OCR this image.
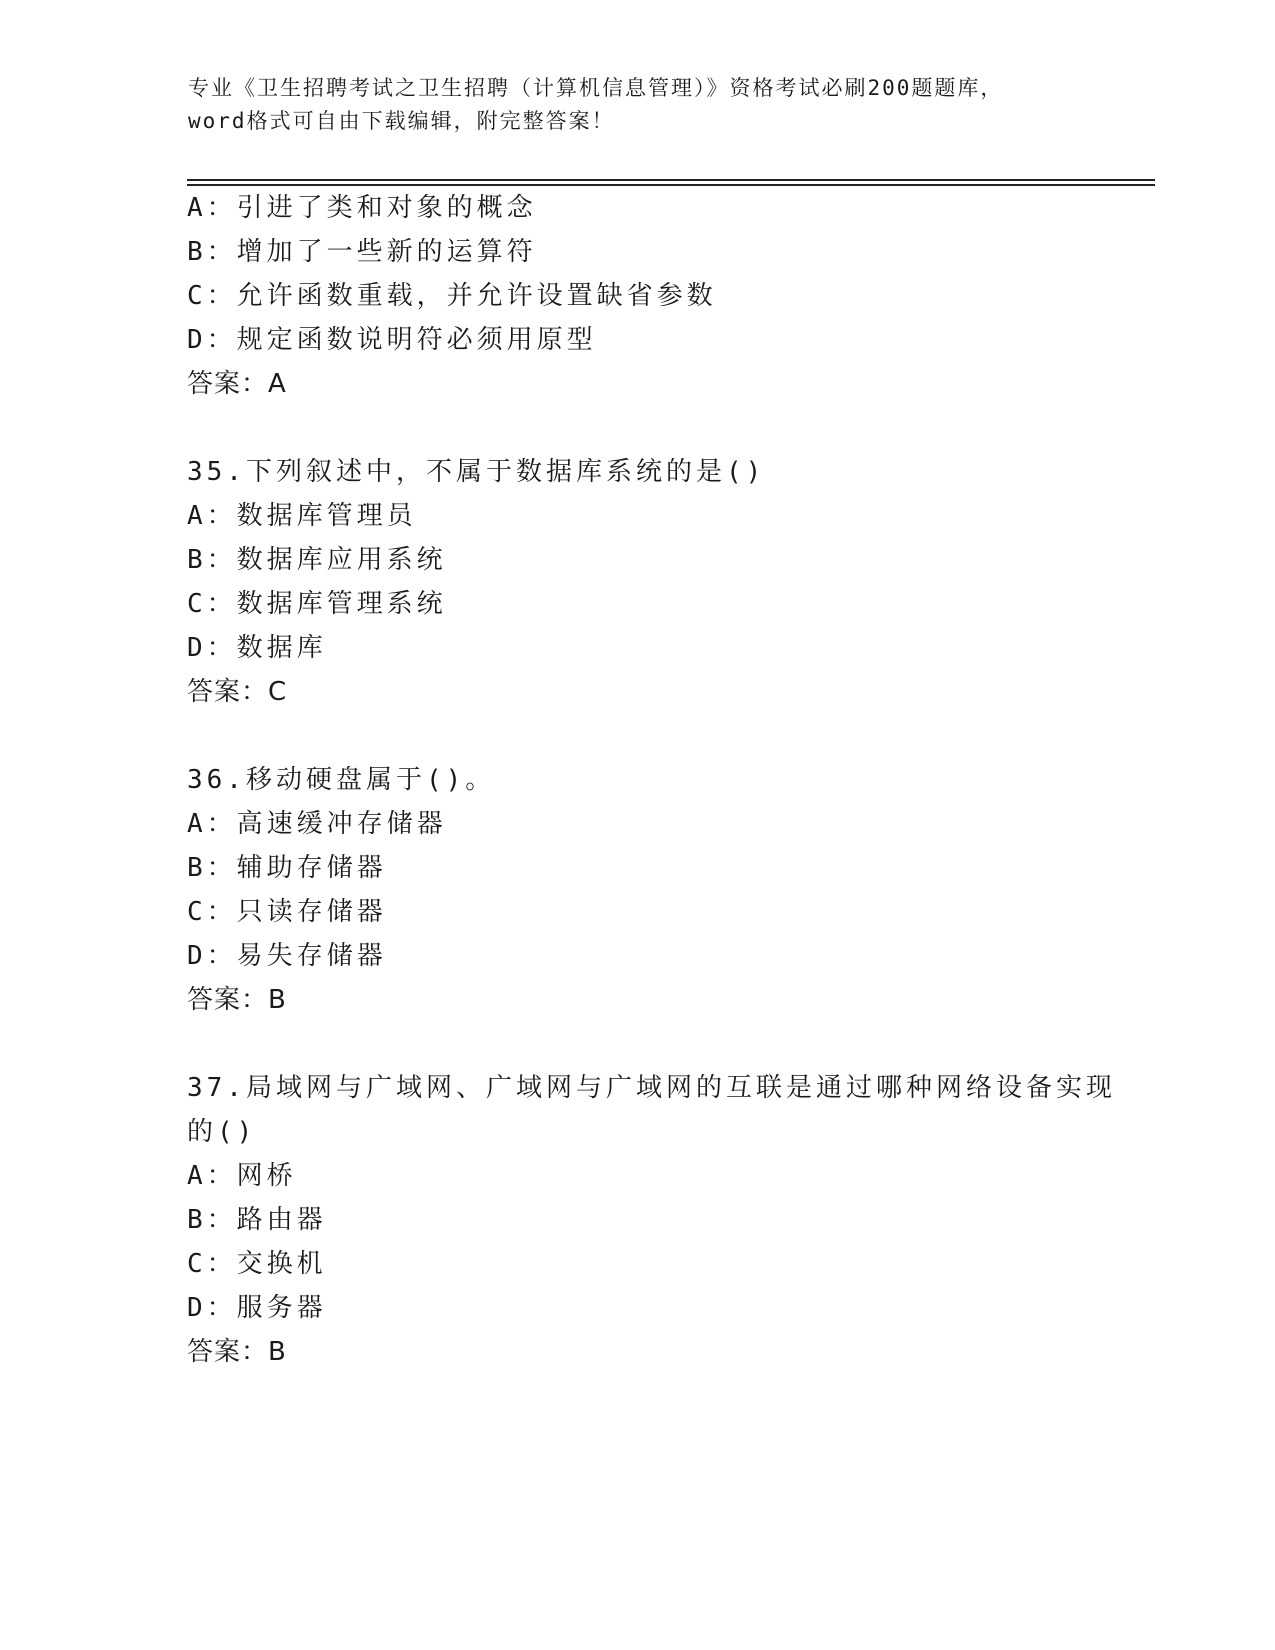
专业《卫生招聘考试之卫生招聘（计算机信息管理）》资格考试必刷200题题库，
word格式可自由下载编辑，附完整答案！
A：引进了类和对象的概念
B：增加了一些新的运算符
C：允许函数重载，并允许设置缺省参数
D：规定函数说明符必须用原型
答案：A
35.下列叙述中，不属于数据库系统的是()
A：数据库管理员
B：数据库应用系统
C：数据库管理系统
D：数据库
答案：C
36.移动硬盘属于()。
A：高速缓冲存储器
B：辅助存储器
C：只读存储器
D：易失存储器
答案：B
37.局域网与广域网、广域网与广域网的互联是通过哪种网络设备实现
的()
A：网桥
B：路由器
C：交换机
D：服务器
答案：B
